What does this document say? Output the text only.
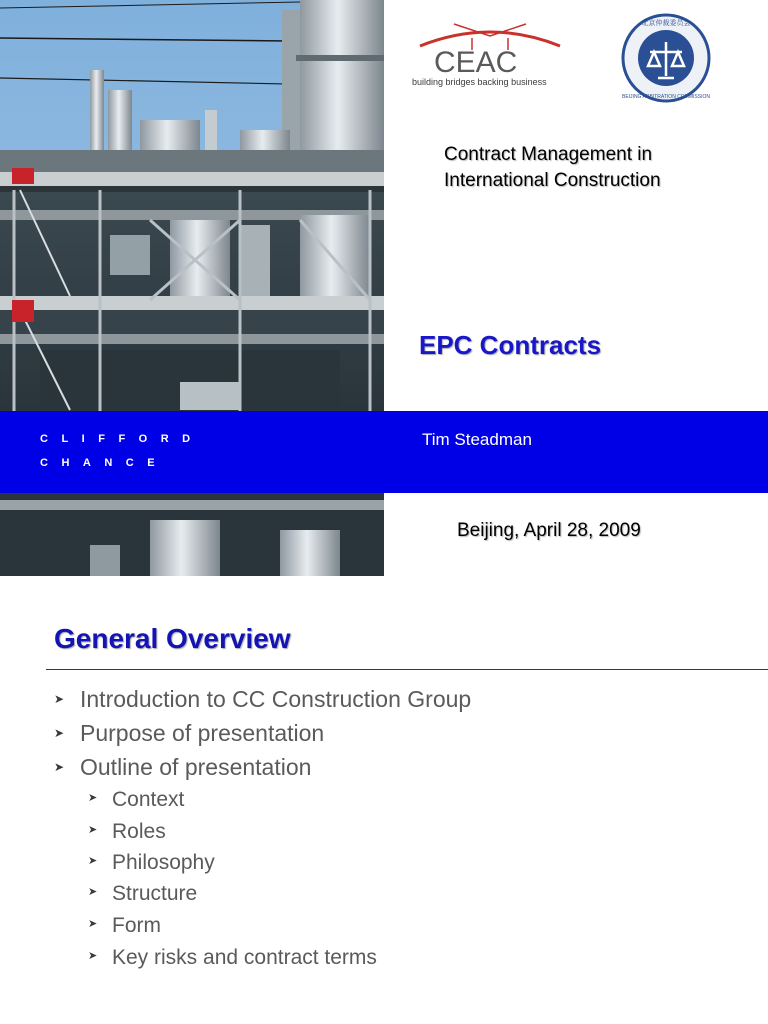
CEAC
building bridges backing business
北京仲裁委员会
BEIJING ARBITRATION COMMISSION
Contract Management in
International Construction
EPC Contracts
CLIFFORD
CHANCE
Tim Steadman
Beijing, April 28, 2009
General Overview
➤ Introduction to CC Construction Group
➤ Purpose of presentation
➤ Outline of presentation
➤ Context
➤ Roles
➤ Philosophy
➤ Structure
➤ Form
➤ Key risks and contract terms
